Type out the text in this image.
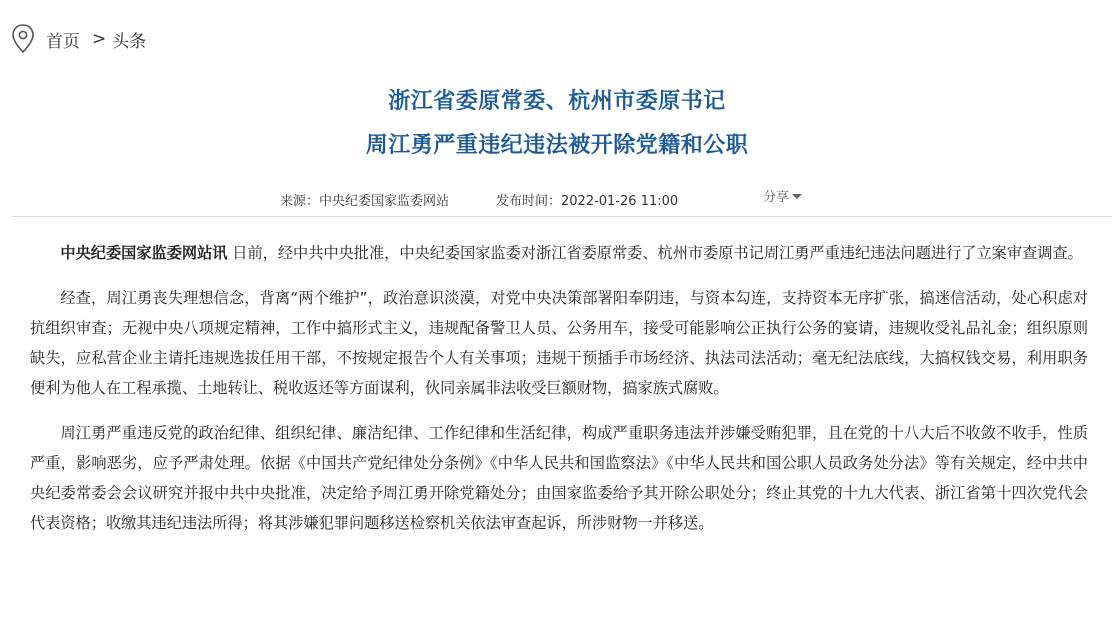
首页 > 头条
浙江省委原常委、杭州市委原书记
周江勇严重违纪违法被开除党籍和公职
来源：中央纪委国家监委网站	发布时间：2022-01-26 11:00	分享

中央纪委国家监委网站讯 日前，经中共中央批准，中央纪委国家监委对浙江省委原常委、杭州市委原书记周江勇严重违纪违法问题进行了立案审查调查。

经查，周江勇丧失理想信念，背离“两个维护”，政治意识淡漠，对党中央决策部署阳奉阴违，与资本勾连，支持资本无序扩张，搞迷信活动，处心积虑对抗组织审查；无视中央八项规定精神，工作中搞形式主义，违规配备警卫人员、公务用车，接受可能影响公正执行公务的宴请，违规收受礼品礼金；组织原则缺失，应私营企业主请托违规选拔任用干部，不按规定报告个人有关事项；违规干预插手市场经济、执法司法活动；毫无纪法底线，大搞权钱交易，利用职务便利为他人在工程承揽、土地转让、税收返还等方面谋利，伙同亲属非法收受巨额财物，搞家族式腐败。

周江勇严重违反党的政治纪律、组织纪律、廉洁纪律、工作纪律和生活纪律，构成严重职务违法并涉嫌受贿犯罪，且在党的十八大后不收敛不收手，性质严重，影响恶劣，应予严肃处理。依据《中国共产党纪律处分条例》《中华人民共和国监察法》《中华人民共和国公职人员政务处分法》等有关规定，经中共中央纪委常委会会议研究并报中共中央批准，决定给予周江勇开除党籍处分；由国家监委给予其开除公职处分；终止其党的十九大代表、浙江省第十四次党代会代表资格；收缴其违纪违法所得；将其涉嫌犯罪问题移送检察机关依法审查起诉，所涉财物一并移送。
